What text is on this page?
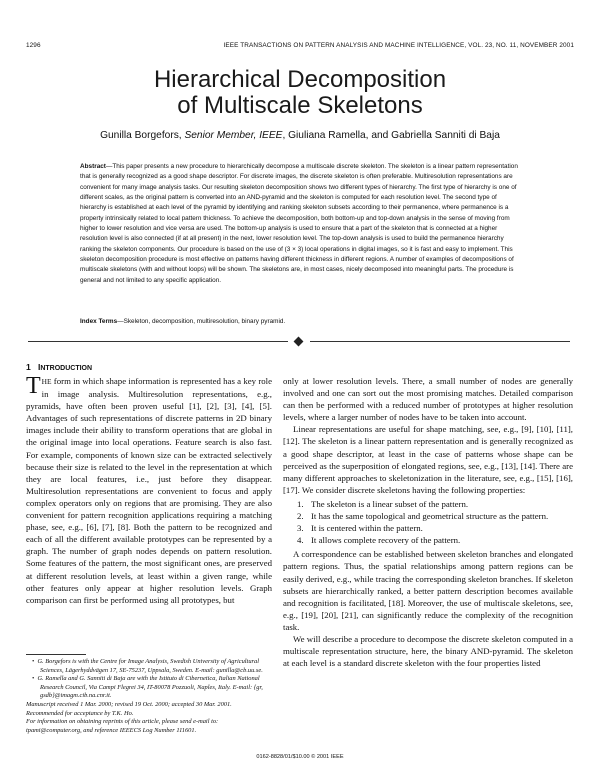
1296	IEEE TRANSACTIONS ON PATTERN ANALYSIS AND MACHINE INTELLIGENCE, VOL. 23, NO. 11, NOVEMBER 2001
Hierarchical Decomposition
of Multiscale Skeletons
Gunilla Borgefors, Senior Member, IEEE, Giuliana Ramella, and Gabriella Sanniti di Baja

Abstract—This paper presents a new procedure to hierarchically decompose a multiscale discrete skeleton. The skeleton is a linear pattern representation that is generally recognized as a good shape descriptor. For discrete images, the discrete skeleton is often preferable. Multiresolution representations are convenient for many image analysis tasks. Our resulting skeleton decomposition shows two different types of hierarchy. The first type of hierarchy is one of different scales, as the original pattern is converted into an AND-pyramid and the skeleton is computed for each resolution level. The second type of hierarchy is established at each level of the pyramid by identifying and ranking skeleton subsets according to their permanence, where permanence is a property intrinsically related to local pattern thickness. To achieve the decomposition, both bottom-up and top-down analysis in the sense of moving from higher to lower resolution and vice versa are used. The bottom-up analysis is used to ensure that a part of the skeleton that is connected at a higher resolution level is also connected (if at all present) in the next, lower resolution level. The top-down analysis is used to build the permanence hierarchy ranking the skeleton components. Our procedure is based on the use of (3 × 3) local operations in digital images, so it is fast and easy to implement. This skeleton decomposition procedure is most effective on patterns having different thickness in different regions. A number of examples of decompositions of multiscale skeletons (with and without loops) will be shown. The skeletons are, in most cases, nicely decomposed into meaningful parts. The procedure is general and not limited to any specific application.

Index Terms—Skeleton, decomposition, multiresolution, binary pyramid.

1 INTRODUCTION

THE form in which shape information is represented has a key role in image analysis. Multiresolution representations, e.g., pyramids, have often been proven useful [1], [2], [3], [4], [5]. Advantages of such representations of discrete patterns in 2D binary images include their ability to transform operations that are global in the original image into local operations. Feature search is also fast. For example, components of known size can be extracted selectively because their size is related to the level in the representation at which they are local features, i.e., just before they disappear. Multiresolution representations are convenient to focus and apply complex operators only on regions that are promising. They are also convenient for pattern recognition applications requiring a matching phase, see, e.g., [6], [7], [8]. Both the pattern to be recognized and each of all the different available prototypes can be represented by a graph. The number of graph nodes depends on pattern resolution. Some features of the pattern, the most significant ones, are preserved at different resolution levels, at least within a given range, while other features only appear at higher resolution levels. Graph comparison can first be performed using all prototypes, but

only at lower resolution levels. There, a small number of nodes are generally involved and one can sort out the most promising matches. Detailed comparison can then be performed with a reduced number of prototypes at higher resolution levels, where a larger number of nodes have to be taken into account.

Linear representations are useful for shape matching, see, e.g., [9], [10], [11], [12]. The skeleton is a linear pattern representation and is generally recognized as a good shape descriptor, at least in the case of patterns whose shape can be perceived as the superposition of elongated regions, see, e.g., [13], [14]. There are many different approaches to skeletonization in the literature, see, e.g., [15], [16], [17]. We consider discrete skeletons having the following properties:

1. The skeleton is a linear subset of the pattern.
2. It has the same topological and geometrical structure as the pattern.
3. It is centered within the pattern.
4. It allows complete recovery of the pattern.

A correspondence can be established between skeleton branches and elongated pattern regions. Thus, the spatial relationships among pattern regions can be easily derived, e.g., while tracing the corresponding skeleton branches. If skeleton subsets are hierarchically ranked, a better pattern description becomes available and recognition is facilitated, [18]. Moreover, the use of multiscale skeletons, see, e.g., [19], [20], [21], can significantly reduce the complexity of the recognition task.

We will describe a procedure to decompose the discrete skeleton computed in a multiscale representation structure, here, the binary AND-pyramid. The skeleton at each level is a standard discrete skeleton with the four properties listed

•  G. Borgefors is with the Centre for Image Analysis, Swedish University of Agricultural Sciences, Lägerhyddvägen 17, SE-75237, Uppsala, Sweden. E-mail: gunilla@cb.uu.se.

•  G. Ramella and G. Sanniti di Baja are with the Istituto di Cibernetica, Italian National Research Council, Via Campi Flegrei 34, IT-80078 Pozzuoli, Naples, Italy. E-mail: {gr, gsdb}@imagm.cib.na.cnr.it.

Manuscript received 1 Mar. 2000; revised 19 Oct. 2000; accepted 30 Mar. 2001.

Recommended for acceptance by T.K. Ho.

For information on obtaining reprints of this article, please send e-mail to: tpami@computer.org, and reference IEEECS Log Number 111601.

0162-8828/01/$10.00 © 2001 IEEE
